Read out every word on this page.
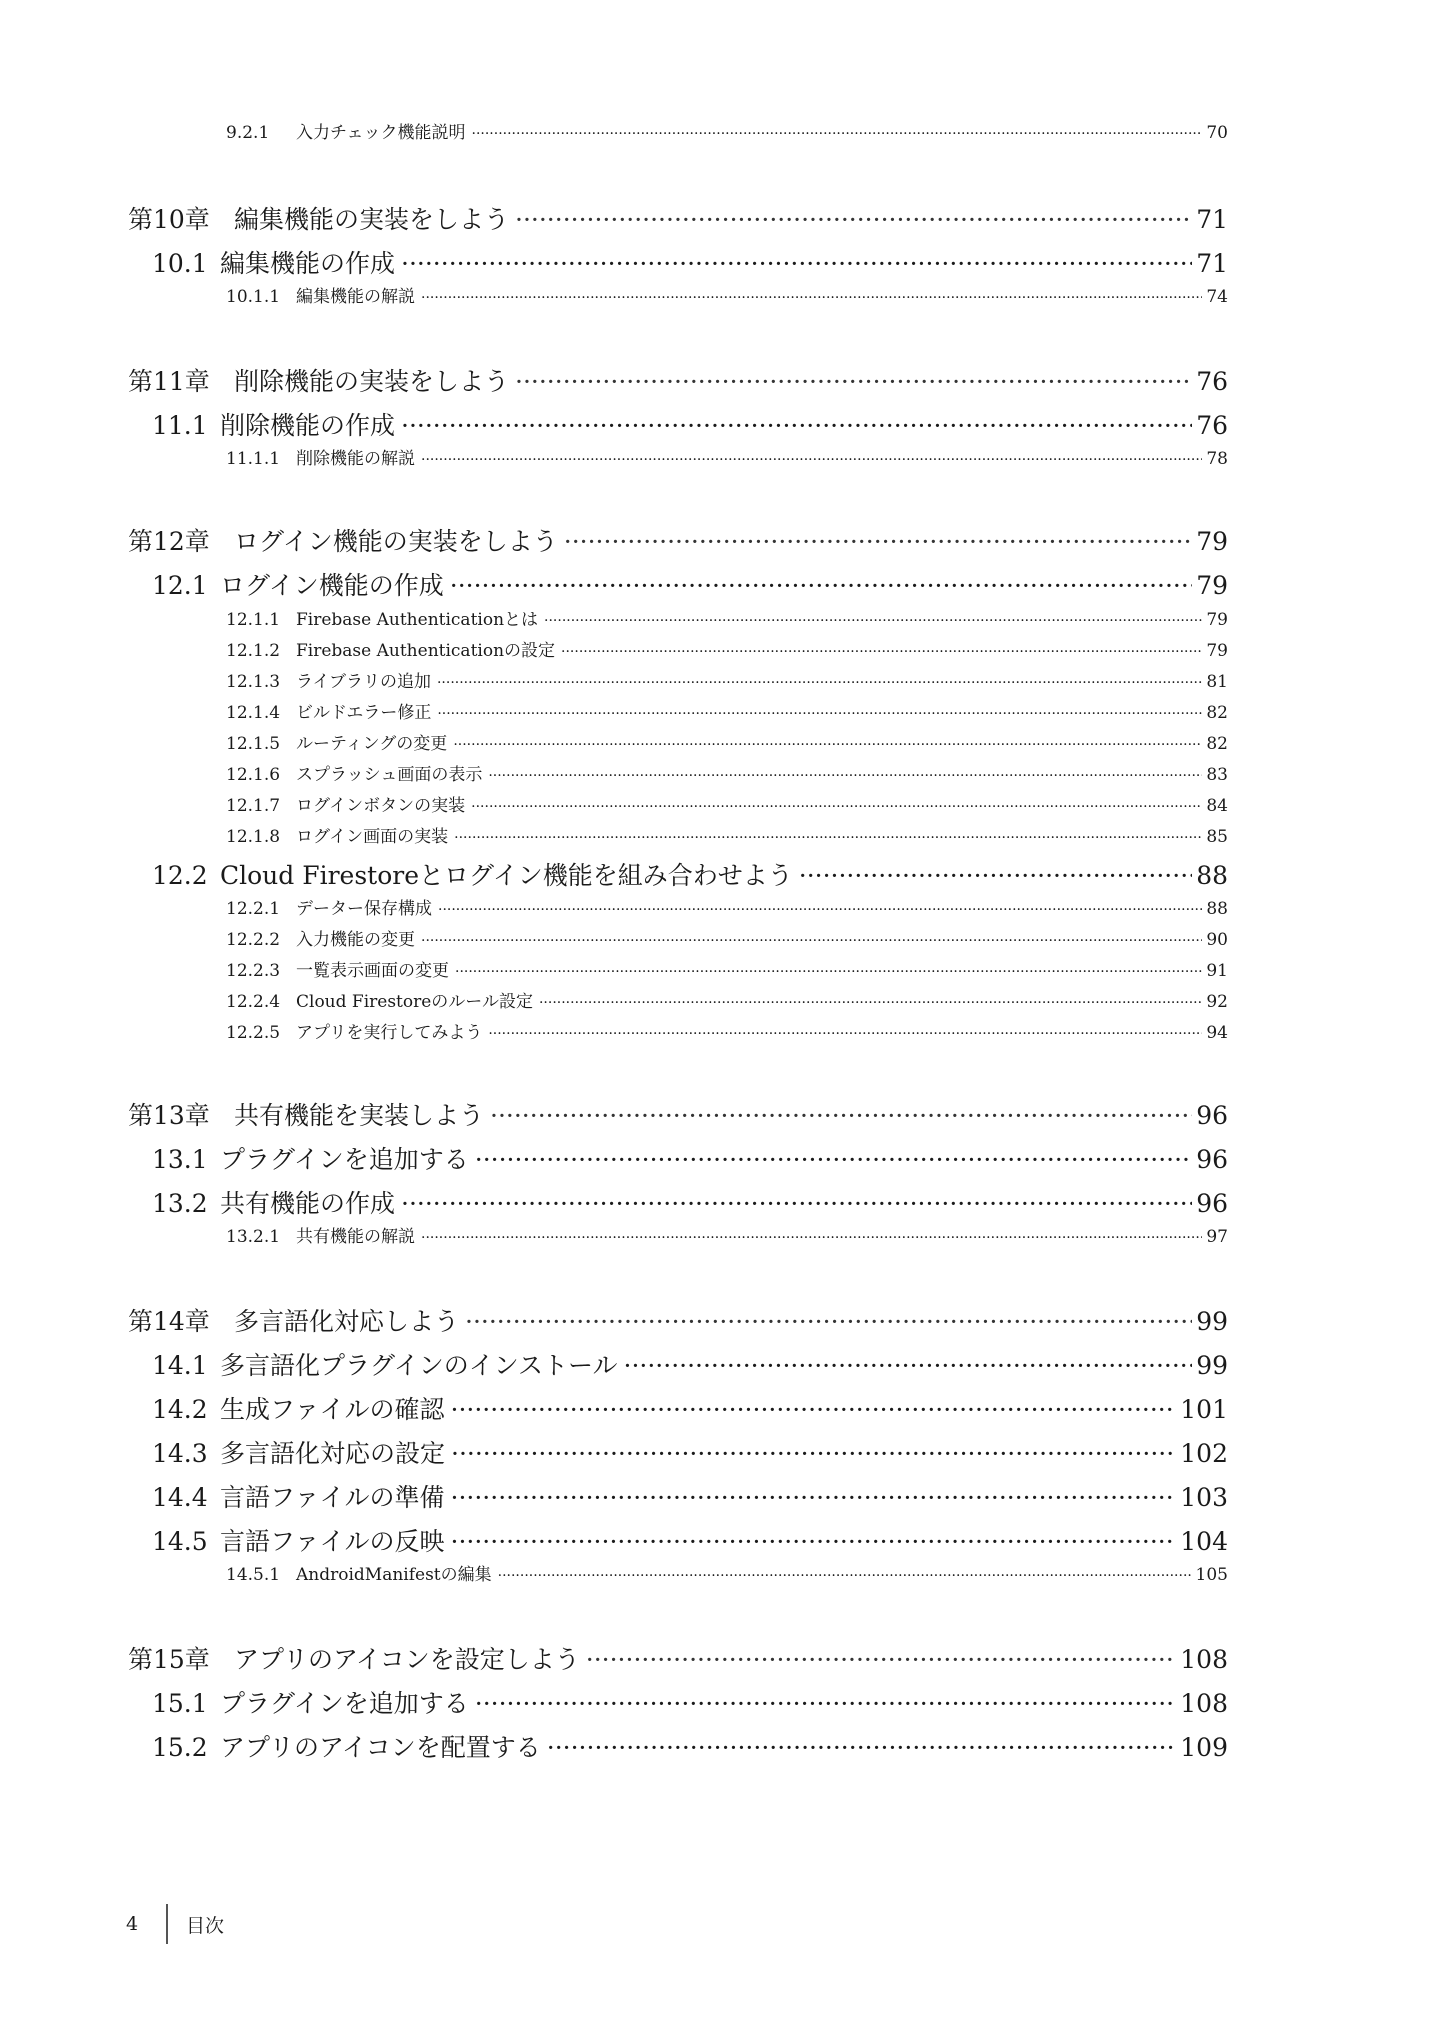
9.2.1	入力チェック機能説明 ·····	70
第10章 編集機能の実装をしよう ·····	71
10.1 編集機能の作成 ·····	71
10.1.1 編集機能の解説 ·····	74
第11章 削除機能の実装をしよう ·····	76
11.1 削除機能の作成 ·····	76
11.1.1 削除機能の解説 ·····	78
第12章 ログイン機能の実装をしよう ·····	79
12.1 ログイン機能の作成 ·····	79
12.1.1 Firebase Authenticationとは ·····	79
12.1.2 Firebase Authenticationの設定 ·····	79
12.1.3 ライブラリの追加 ·····	81
12.1.4 ビルドエラー修正 ·····	82
12.1.5 ルーティングの変更 ·····	82
12.1.6 スプラッシュ画面の表示 ·····	83
12.1.7 ログインボタンの実装 ·····	84
12.1.8 ログイン画面の実装 ·····	85
12.2 Cloud Firestoreとログイン機能を組み合わせよう ·····	88
12.2.1 データー保存構成 ·····	88
12.2.2 入力機能の変更 ·····	90
12.2.3 一覧表示画面の変更 ·····	91
12.2.4 Cloud Firestoreのルール設定 ·····	92
12.2.5 アプリを実行してみよう ·····	94
第13章 共有機能を実装しよう ·····	96
13.1 プラグインを追加する ·····	96
13.2 共有機能の作成 ·····	96
13.2.1 共有機能の解説 ·····	97
第14章 多言語化対応しよう ·····	99
14.1 多言語化プラグインのインストール ·····	99
14.2 生成ファイルの確認 ·····	101
14.3 多言語化対応の設定 ·····	102
14.4 言語ファイルの準備 ·····	103
14.5 言語ファイルの反映 ·····	104
14.5.1 AndroidManifestの編集 ·····	105
第15章 アプリのアイコンを設定しよう ·····	108
15.1 プラグインを追加する ·····	108
15.2 アプリのアイコンを配置する ·····	109
4	目次
